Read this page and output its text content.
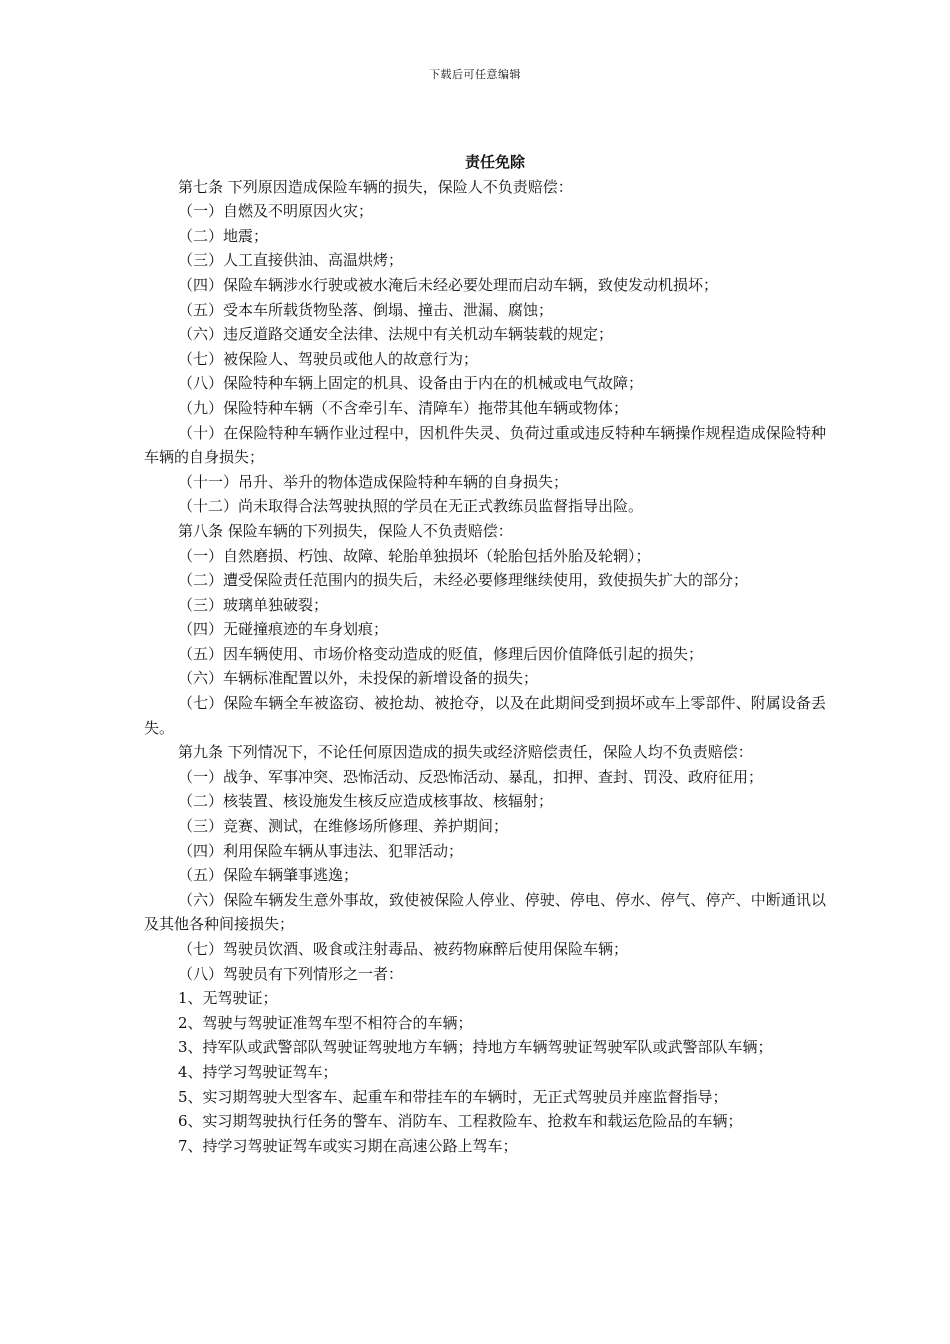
下载后可任意编辑
责任免除

第七条 下列原因造成保险车辆的损失，保险人不负责赔偿：

（一）自燃及不明原因火灾；

（二）地震；

（三）人工直接供油、高温烘烤；

（四）保险车辆涉水行驶或被水淹后未经必要处理而启动车辆，致使发动机损坏；

（五）受本车所载货物坠落、倒塌、撞击、泄漏、腐蚀；

（六）违反道路交通安全法律、法规中有关机动车辆装载的规定；

（七）被保险人、驾驶员或他人的故意行为；

（八）保险特种车辆上固定的机具、设备由于内在的机械或电气故障；

（九）保险特种车辆（不含牵引车、清障车）拖带其他车辆或物体；

（十）在保险特种车辆作业过程中，因机件失灵、负荷过重或违反特种车辆操作规程造成保险特种车辆的自身损失；

（十一）吊升、举升的物体造成保险特种车辆的自身损失；

（十二）尚未取得合法驾驶执照的学员在无正式教练员监督指导出险。

第八条 保险车辆的下列损失，保险人不负责赔偿：

（一）自然磨损、朽蚀、故障、轮胎单独损坏（轮胎包括外胎及轮辋）；

（二）遭受保险责任范围内的损失后，未经必要修理继续使用，致使损失扩大的部分；

（三）玻璃单独破裂；

（四）无碰撞痕迹的车身划痕；

（五）因车辆使用、市场价格变动造成的贬值，修理后因价值降低引起的损失；

（六）车辆标准配置以外，未投保的新增设备的损失；

（七）保险车辆全车被盗窃、被抢劫、被抢夺，以及在此期间受到损坏或车上零部件、附属设备丢失。

第九条 下列情况下，不论任何原因造成的损失或经济赔偿责任，保险人均不负责赔偿：

（一）战争、军事冲突、恐怖活动、反恐怖活动、暴乱，扣押、查封、罚没、政府征用；

（二）核装置、核设施发生核反应造成核事故、核辐射；

（三）竞赛、测试，在维修场所修理、养护期间；

（四）利用保险车辆从事违法、犯罪活动；

（五）保险车辆肇事逃逸；

（六）保险车辆发生意外事故，致使被保险人停业、停驶、停电、停水、停气、停产、中断通讯以及其他各种间接损失；

（七）驾驶员饮酒、吸食或注射毒品、被药物麻醉后使用保险车辆；

（八）驾驶员有下列情形之一者：

1、无驾驶证；

2、驾驶与驾驶证准驾车型不相符合的车辆；

3、持军队或武警部队驾驶证驾驶地方车辆；持地方车辆驾驶证驾驶军队或武警部队车辆；

4、持学习驾驶证驾车；

5、实习期驾驶大型客车、起重车和带挂车的车辆时，无正式驾驶员并座监督指导；

6、实习期驾驶执行任务的警车、消防车、工程救险车、抢救车和载运危险品的车辆；

7、持学习驾驶证驾车或实习期在高速公路上驾车；
